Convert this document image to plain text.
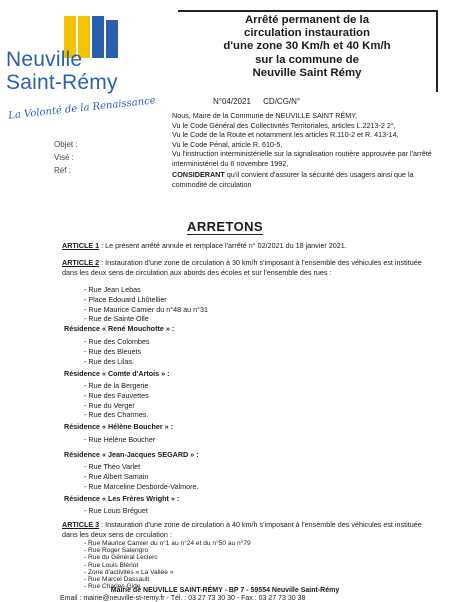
Neuville
Saint-Rémy
La Volonté de la Renaissance
Arrêté permanent de la
circulation instauration
d'une zone 30 Km/h et 40 Km/h
sur la commune de
Neuville Saint Rémy
N°04/2021 CD/CG/N°
Objet :
Visé :
Réf :

Nous, Maire de la Commune de NEUVILLE SAINT RÉMY,

Vu le Code Général des Collectivités Territoriales, articles L.2213-2 2°,

Vu le Code de la Route et notamment les articles R.110-2 et R. 413-14,

Vu le Code Pénal, article R. 610-5,

Vu l'instruction interministérielle sur la signalisation routière approuvée par l'arrêté interministériel du 6 novembre 1992,

CONSIDERANT qu'il convient d'assurer la sécurité des usagers ainsi que la commodité de circulation

ARRETONS
ARTICLE 1 : Le présent arrêté annule et remplace l'arrêté n° 02/2021 du 18 janvier 2021.
ARTICLE 2 : Instauration d'une zone de circulation à 30 km/h s'imposant à l'ensemble des véhicules est instituée dans les deux sens de circulation aux abords des écoles et sur l'ensemble des rues :
- Rue Jean Lebas
- Place Edouard Lhôtellier
- Rue Maurice Camier du n°48 au n°31
- Rue de Sainte Olle
Résidence « René Mouchotte » :
- Rue des Colombes
- Rue des Bleuets
- Rue des Lilas.
Résidence « Comte d'Artois » :
- Rue de la Bergerie
- Rue des Fauvettes
- Rue du Verger
- Rue des Charmes.
Résidence « Hélène Boucher » :
- Rue Hélène Boucher
Résidence « Jean-Jacques SEGARD » :
- Rue Théo Varlet
- Rue Albert Samain
- Rue Marceline Desborde-Valmore.
Résidence « Les Frères Wright » :
- Rue Louis Bréguet
ARTICLE 3 : Instauration d'une zone de circulation à 40 km/h s'imposant à l'ensemble des véhicules est instituée dans les deux sens de circulation :
- Rue Maurice Camier du n°1 au n°24 et du n°50 au n°79
- Rue Roger Salengro
- Rue du Général Leclerc
- Rue Louis Blériot
- Zone d'activités « La Vallée »
- Rue Marcel Dassault
- Rue Charles Gide
Mairie de NEUVILLE SAINT-RÉMY - BP 7 - 59554 Neuville Saint-Rémy
Email : mairie@neuville-st-remy.fr - Tél. : 03 27 73 30 30 - Fax : 03 27 73 30 38
